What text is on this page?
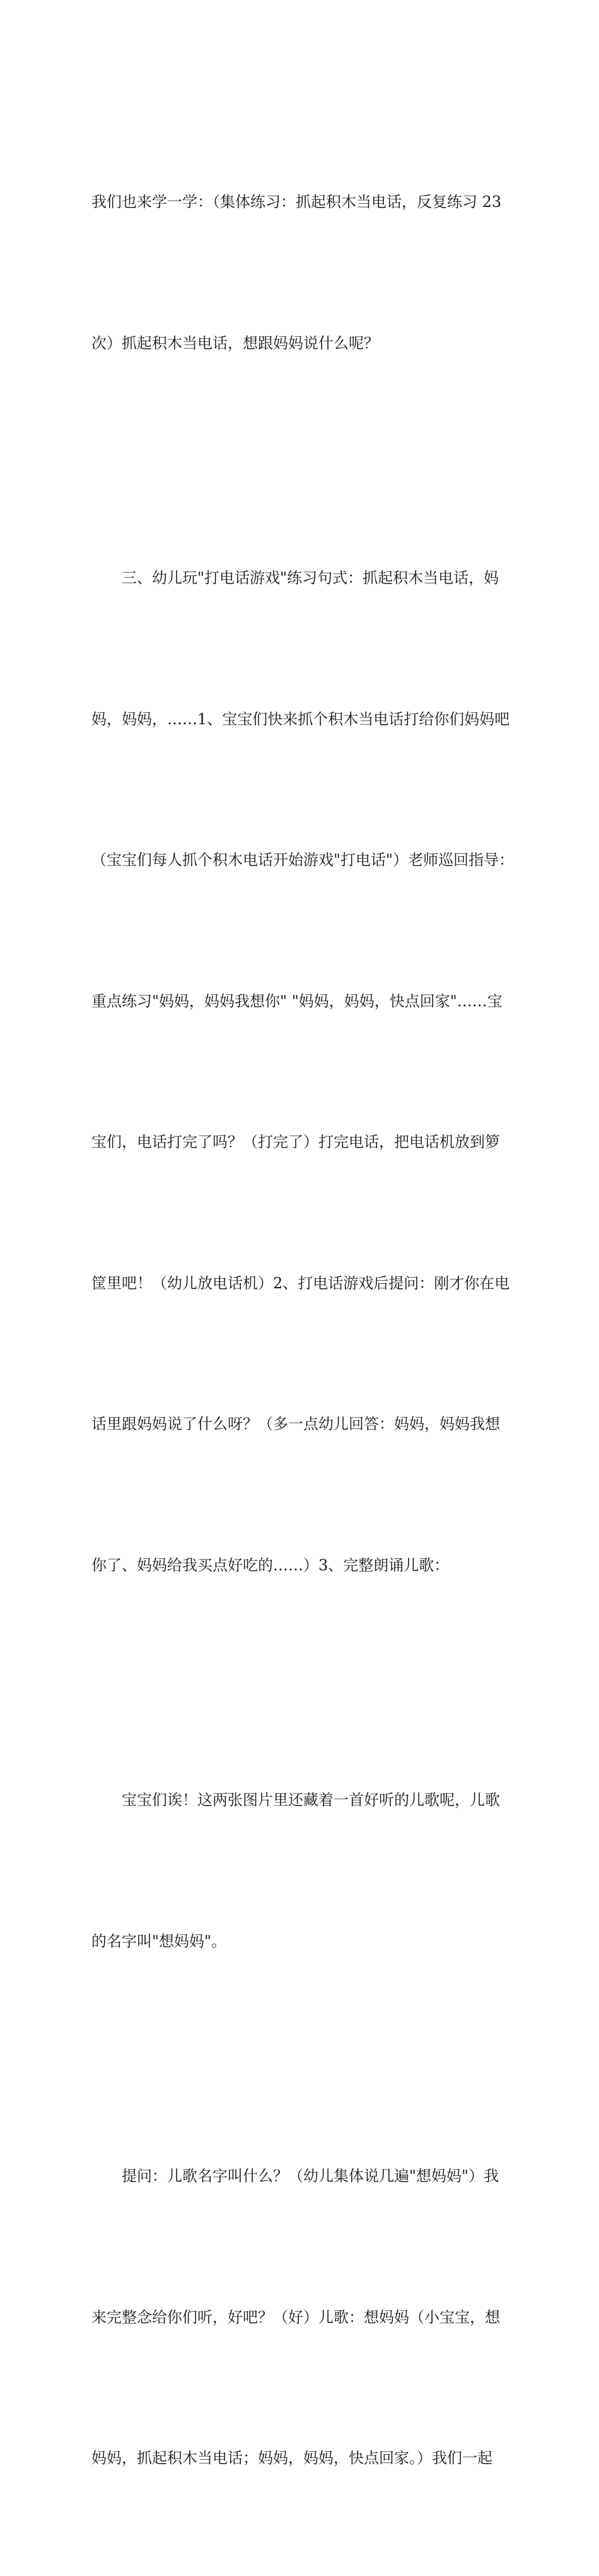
我们也来学一学：（集体练习：抓起积木当电话，反复练习 23

次）抓起积木当电话，想跟妈妈说什么呢？

三、幼儿玩"打电话游戏"练习句式：抓起积木当电话，妈

妈，妈妈，……1、宝宝们快来抓个积木当电话打给你们妈妈吧

（宝宝们每人抓个积木电话开始游戏"打电话"）老师巡回指导：

重点练习"妈妈，妈妈我想你" "妈妈，妈妈，快点回家"……宝

宝们，电话打完了吗？（打完了）打完电话，把电话机放到箩

筐里吧！（幼儿放电话机）2、打电话游戏后提问：刚才你在电

话里跟妈妈说了什么呀？（多一点幼儿回答：妈妈，妈妈我想

你了、妈妈给我买点好吃的……）3、完整朗诵儿歌：

宝宝们诶！这两张图片里还藏着一首好听的儿歌呢，儿歌

的名字叫"想妈妈"。

提问：儿歌名字叫什么？（幼儿集体说几遍"想妈妈"）我

来完整念给你们听，好吧？（好）儿歌：想妈妈（小宝宝，想

妈妈，抓起积木当电话；妈妈，妈妈，快点回家。）我们一起
